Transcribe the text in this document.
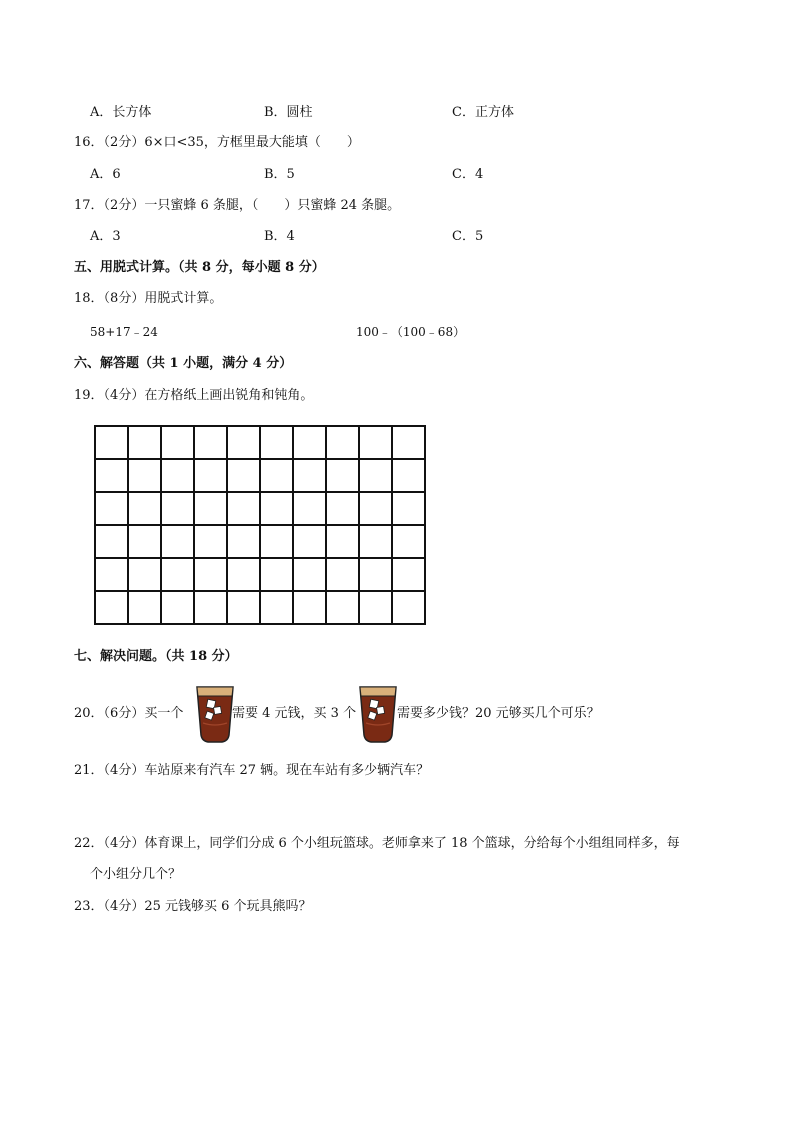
A．长方体	B．圆柱	C．正方体
16．（2分）6×口<35，方框里最大能填（　　）
A．6	B．5	C．4
17．（2分）一只蜜蜂 6 条腿，（　　）只蜜蜂 24 条腿。
A．3	B．4	C．5
五、用脱式计算。（共 8 分，每小题 8 分）
18．（8分）用脱式计算。
58+17﹣24	100﹣（100﹣68）
六、解答题（共 1 小题，满分 4 分）
19．（4分）在方格纸上画出锐角和钝角。
七、解决问题。（共 18 分）
20．（6分）买一个	需要 4 元钱，买 3 个	需要多少钱？20 元够买几个可乐？
21．（4分）车站原来有汽车 27 辆。现在车站有多少辆汽车？
22．（4分）体育课上，同学们分成 6 个小组玩篮球。老师拿来了 18 个篮球，分给每个小组组同样多，每
个小组分几个？
23．（4分）25 元钱够买 6 个玩具熊吗？
